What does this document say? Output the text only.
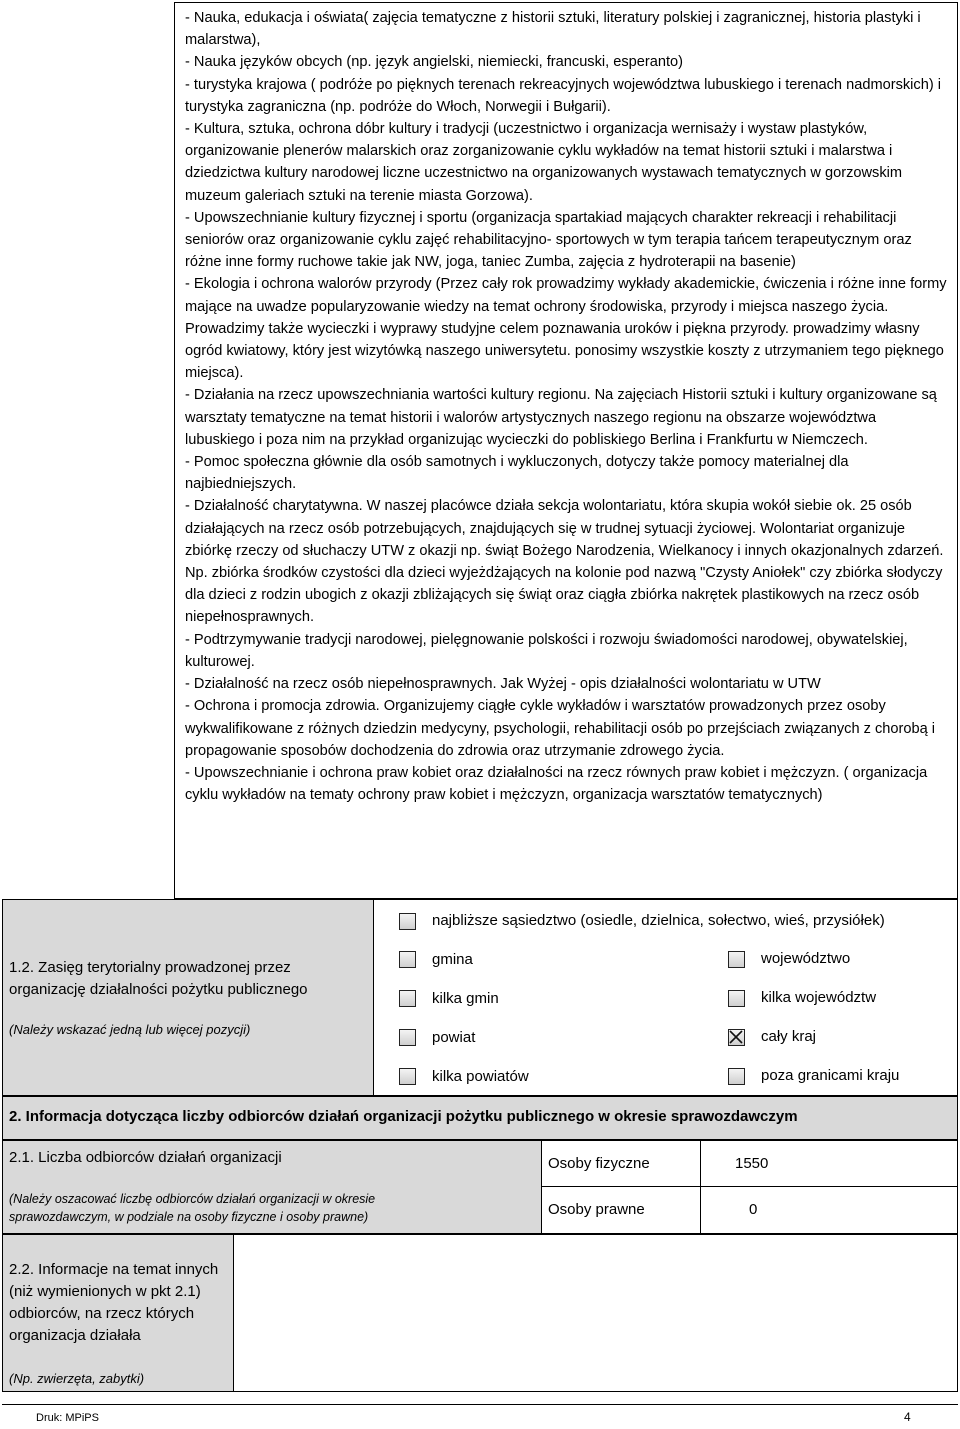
- Nauka, edukacja i oświata( zajęcia tematyczne z historii sztuki, literatury polskiej i zagranicznej, historia plastyki i malarstwa),

- Nauka języków obcych (np. język angielski, niemiecki, francuski, esperanto)

- turystyka krajowa ( podróże po pięknych terenach rekreacyjnych województwa lubuskiego i terenach nadmorskich) i turystyka zagraniczna (np. podróże do Włoch, Norwegii i Bułgarii).

- Kultura, sztuka, ochrona dóbr kultury i tradycji (uczestnictwo i organizacja wernisaży i wystaw plastyków, organizowanie plenerów malarskich oraz zorganizowanie cyklu wykładów na temat historii sztuki i malarstwa i dziedzictwa kultury narodowej liczne uczestnictwo na organizowanych wystawach tematycznych w gorzowskim muzeum galeriach sztuki na terenie miasta Gorzowa).

- Upowszechnianie kultury fizycznej i sportu (organizacja spartakiad mających charakter rekreacji i rehabilitacji seniorów oraz organizowanie cyklu zajęć rehabilitacyjno- sportowych w tym terapia tańcem terapeutycznym oraz różne inne formy ruchowe takie jak NW, joga, taniec Zumba, zajęcia z hydroterapii na basenie)

- Ekologia i ochrona walorów przyrody (Przez cały rok prowadzimy wykłady akademickie, ćwiczenia i różne inne formy mające na uwadze popularyzowanie wiedzy na temat ochrony środowiska, przyrody i miejsca naszego życia. Prowadzimy także wycieczki i wyprawy studyjne celem poznawania uroków i piękna przyrody. prowadzimy własny ogród kwiatowy, który jest wizytówką naszego uniwersytetu. ponosimy wszystkie koszty z utrzymaniem tego pięknego miejsca).

- Działania na rzecz upowszechniania wartości kultury regionu. Na zajęciach Historii sztuki i kultury organizowane są warsztaty tematyczne na temat historii i walorów artystycznych naszego regionu na obszarze województwa lubuskiego i poza nim na przykład organizując wycieczki do pobliskiego Berlina i Frankfurtu w Niemczech.

- Pomoc społeczna głównie dla osób samotnych i wykluczonych, dotyczy także pomocy materialnej dla najbiedniejszych.

- Działalność charytatywna. W naszej placówce działa sekcja wolontariatu, która skupia wokół siebie ok. 25 osób działających na rzecz osób potrzebujących, znajdujących się w trudnej sytuacji życiowej. Wolontariat organizuje zbiórkę rzeczy od słuchaczy UTW z okazji np. świąt Bożego Narodzenia, Wielkanocy i innych okazjonalnych zdarzeń. Np. zbiórka środków czystości dla dzieci wyjeżdżających na kolonie pod nazwą "Czysty Aniołek" czy zbiórka słodyczy dla dzieci z rodzin ubogich z okazji zbliżających się świąt oraz ciągła zbiórka nakrętek plastikowych na rzecz osób niepełnosprawnych.

- Podtrzymywanie tradycji narodowej, pielęgnowanie polskości i rozwoju świadomości narodowej, obywatelskiej, kulturowej.

- Działalność na rzecz osób niepełnosprawnych. Jak Wyżej - opis działalności wolontariatu w UTW

- Ochrona i promocja zdrowia. Organizujemy ciągłe cykle wykładów i warsztatów prowadzonych przez osoby wykwalifikowane z różnych dziedzin medycyny, psychologii, rehabilitacji osób po przejściach związanych z chorobą i propagowanie sposobów dochodzenia do zdrowia oraz utrzymanie zdrowego życia.

- Upowszechnianie i ochrona praw kobiet oraz działalności na rzecz równych praw kobiet i mężczyzn. ( organizacja cyklu wykładów na tematy ochrony praw kobiet i mężczyzn, organizacja warsztatów tematycznych)

1.2. Zasięg terytorialny prowadzonej przez organizację działalności pożytku publicznego
(Należy wskazać jedną lub więcej pozycji)
najbliższe sąsiedztwo (osiedle, dzielnica, sołectwo, wieś, przysiółek)
gmina
kilka gmin
powiat
kilka powiatów
województwo
kilka województw
cały kraj
poza granicami kraju
2. Informacja dotycząca liczby odbiorców działań organizacji pożytku publicznego w okresie sprawozdawczym
2.1. Liczba odbiorców działań organizacji
(Należy oszacować liczbę odbiorców działań organizacji w okresie sprawozdawczym, w podziale na osoby fizyczne i osoby prawne)
Osoby fizyczne	1550
Osoby prawne	0
2.2. Informacje na temat innych (niż wymienionych w pkt 2.1) odbiorców, na rzecz których organizacja działała
(Np. zwierzęta, zabytki)
Druk: MPiPS	4
